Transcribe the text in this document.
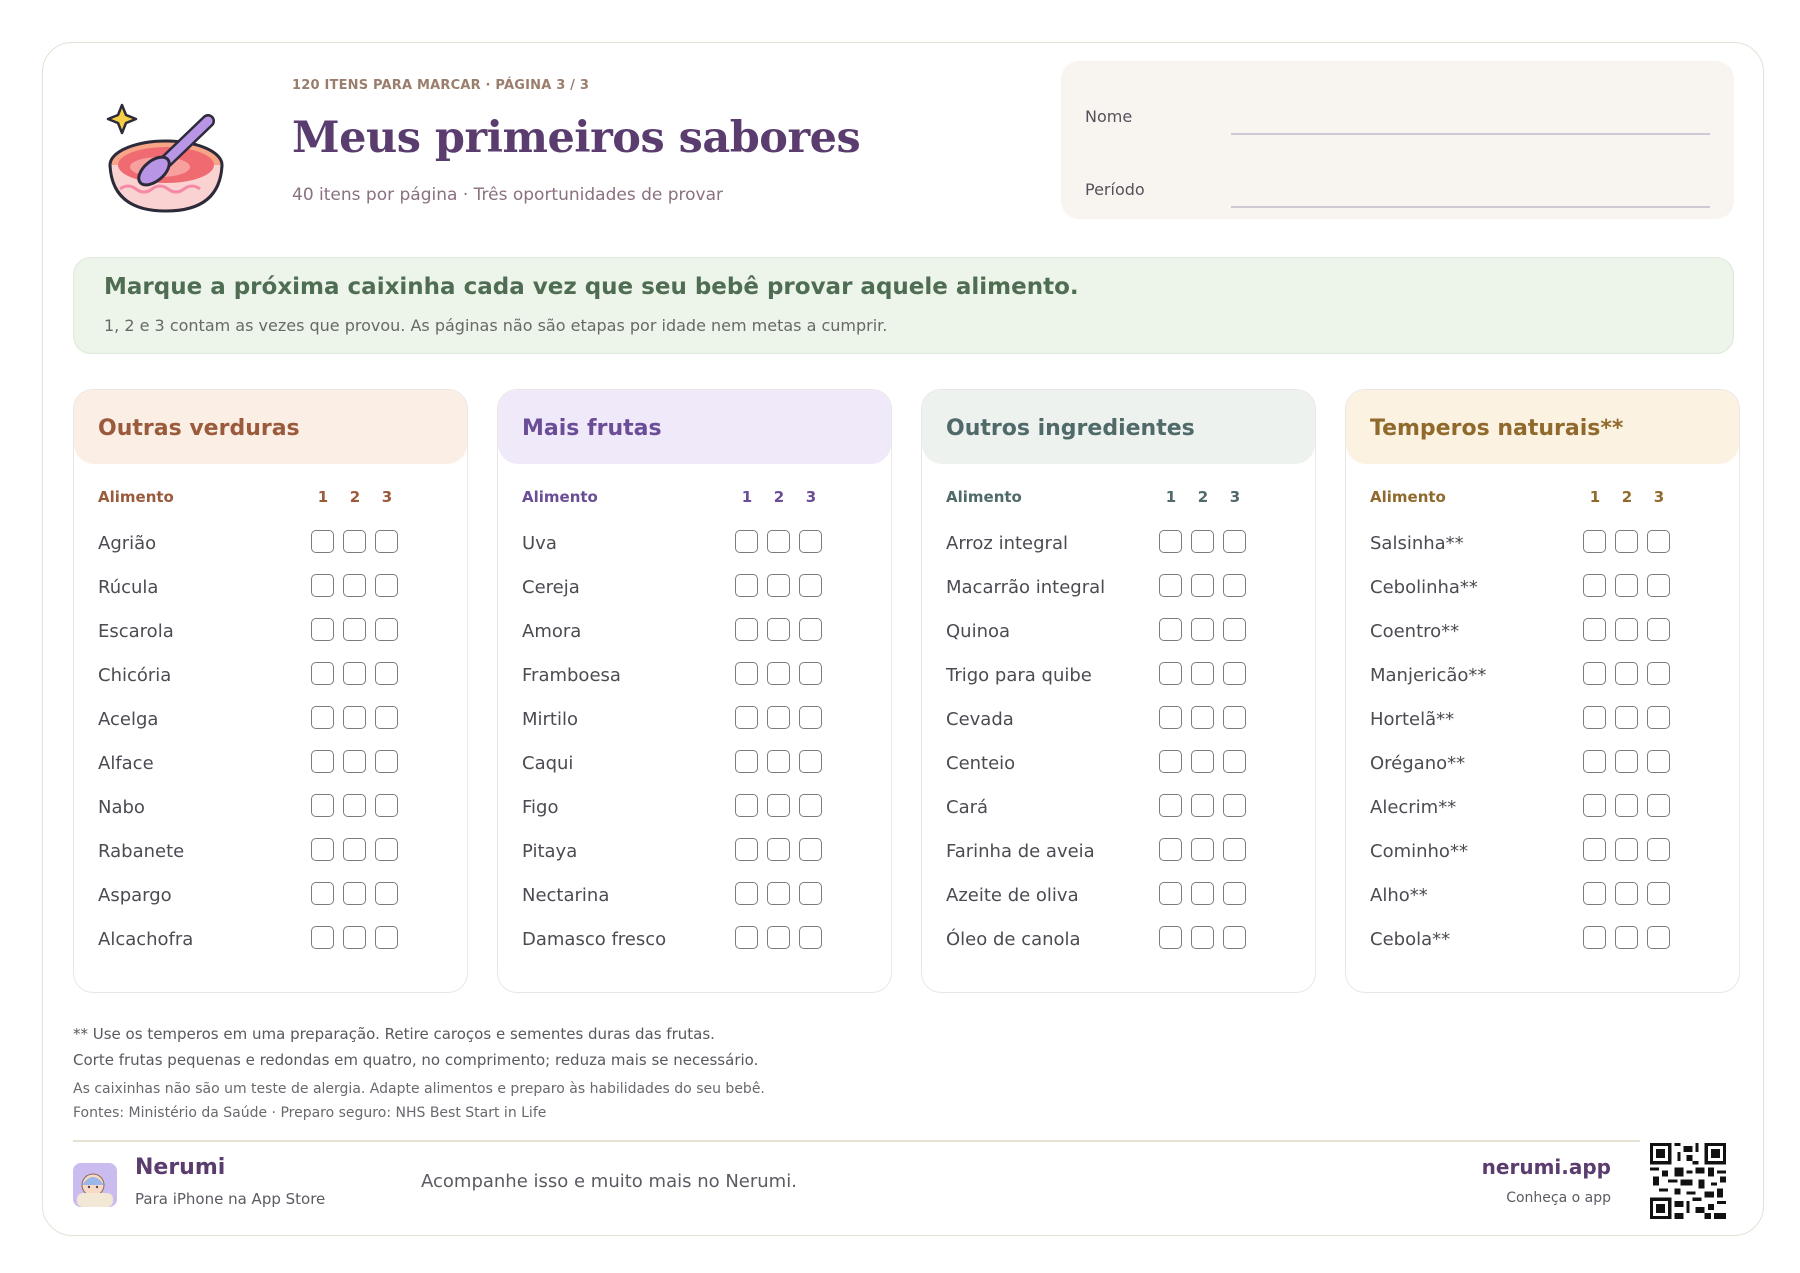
120 ITENS PARA MARCAR · PÁGINA 3 / 3
Meus primeiros sabores
40 itens por página · Três oportunidades de provar
Nome
Período
Marque a próxima caixinha cada vez que seu bebê provar aquele alimento.
1, 2 e 3 contam as vezes que provou. As páginas não são etapas por idade nem metas a cumprir.
Outras verduras
Alimento	1	2	3
Agrião
Rúcula
Escarola
Chicória
Acelga
Alface
Nabo
Rabanete
Aspargo
Alcachofra
Mais frutas
Alimento	1	2	3
Uva
Cereja
Amora
Framboesa
Mirtilo
Caqui
Figo
Pitaya
Nectarina
Damasco fresco
Outros ingredientes
Alimento	1	2	3
Arroz integral
Macarrão integral
Quinoa
Trigo para quibe
Cevada
Centeio
Cará
Farinha de aveia
Azeite de oliva
Óleo de canola
Temperos naturais**
Alimento	1	2	3
Salsinha**
Cebolinha**
Coentro**
Manjericão**
Hortelã**
Orégano**
Alecrim**
Cominho**
Alho**
Cebola**
** Use os temperos em uma preparação. Retire caroços e sementes duras das frutas.
Corte frutas pequenas e redondas em quatro, no comprimento; reduza mais se necessário.
As caixinhas não são um teste de alergia. Adapte alimentos e preparo às habilidades do seu bebê.
Fontes: Ministério da Saúde · Preparo seguro: NHS Best Start in Life
Nerumi
Para iPhone na App Store
Acompanhe isso e muito mais no Nerumi.
nerumi.app
Conheça o app
